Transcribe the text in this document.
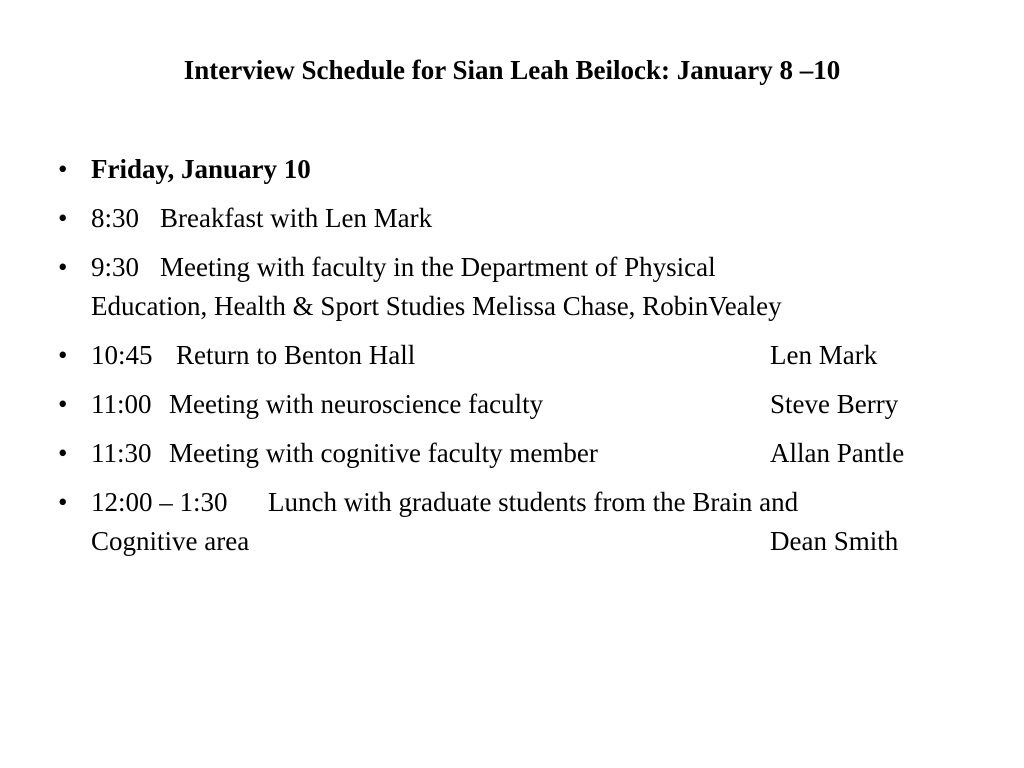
Interview Schedule for Sian Leah Beilock: January 8 –10
• Friday, January 10
• 8:30 Breakfast with Len Mark
• 9:30 Meeting with faculty in the Department of Physical
Education, Health & Sport Studies Melissa Chase, RobinVealey
• 10:45 Return to Benton Hall	Len Mark
• 11:00 Meeting with neuroscience faculty	Steve Berry
• 11:30 Meeting with cognitive faculty member	Allan Pantle
• 12:00 – 1:30 Lunch with graduate students from the Brain and
Cognitive area	Dean Smith
